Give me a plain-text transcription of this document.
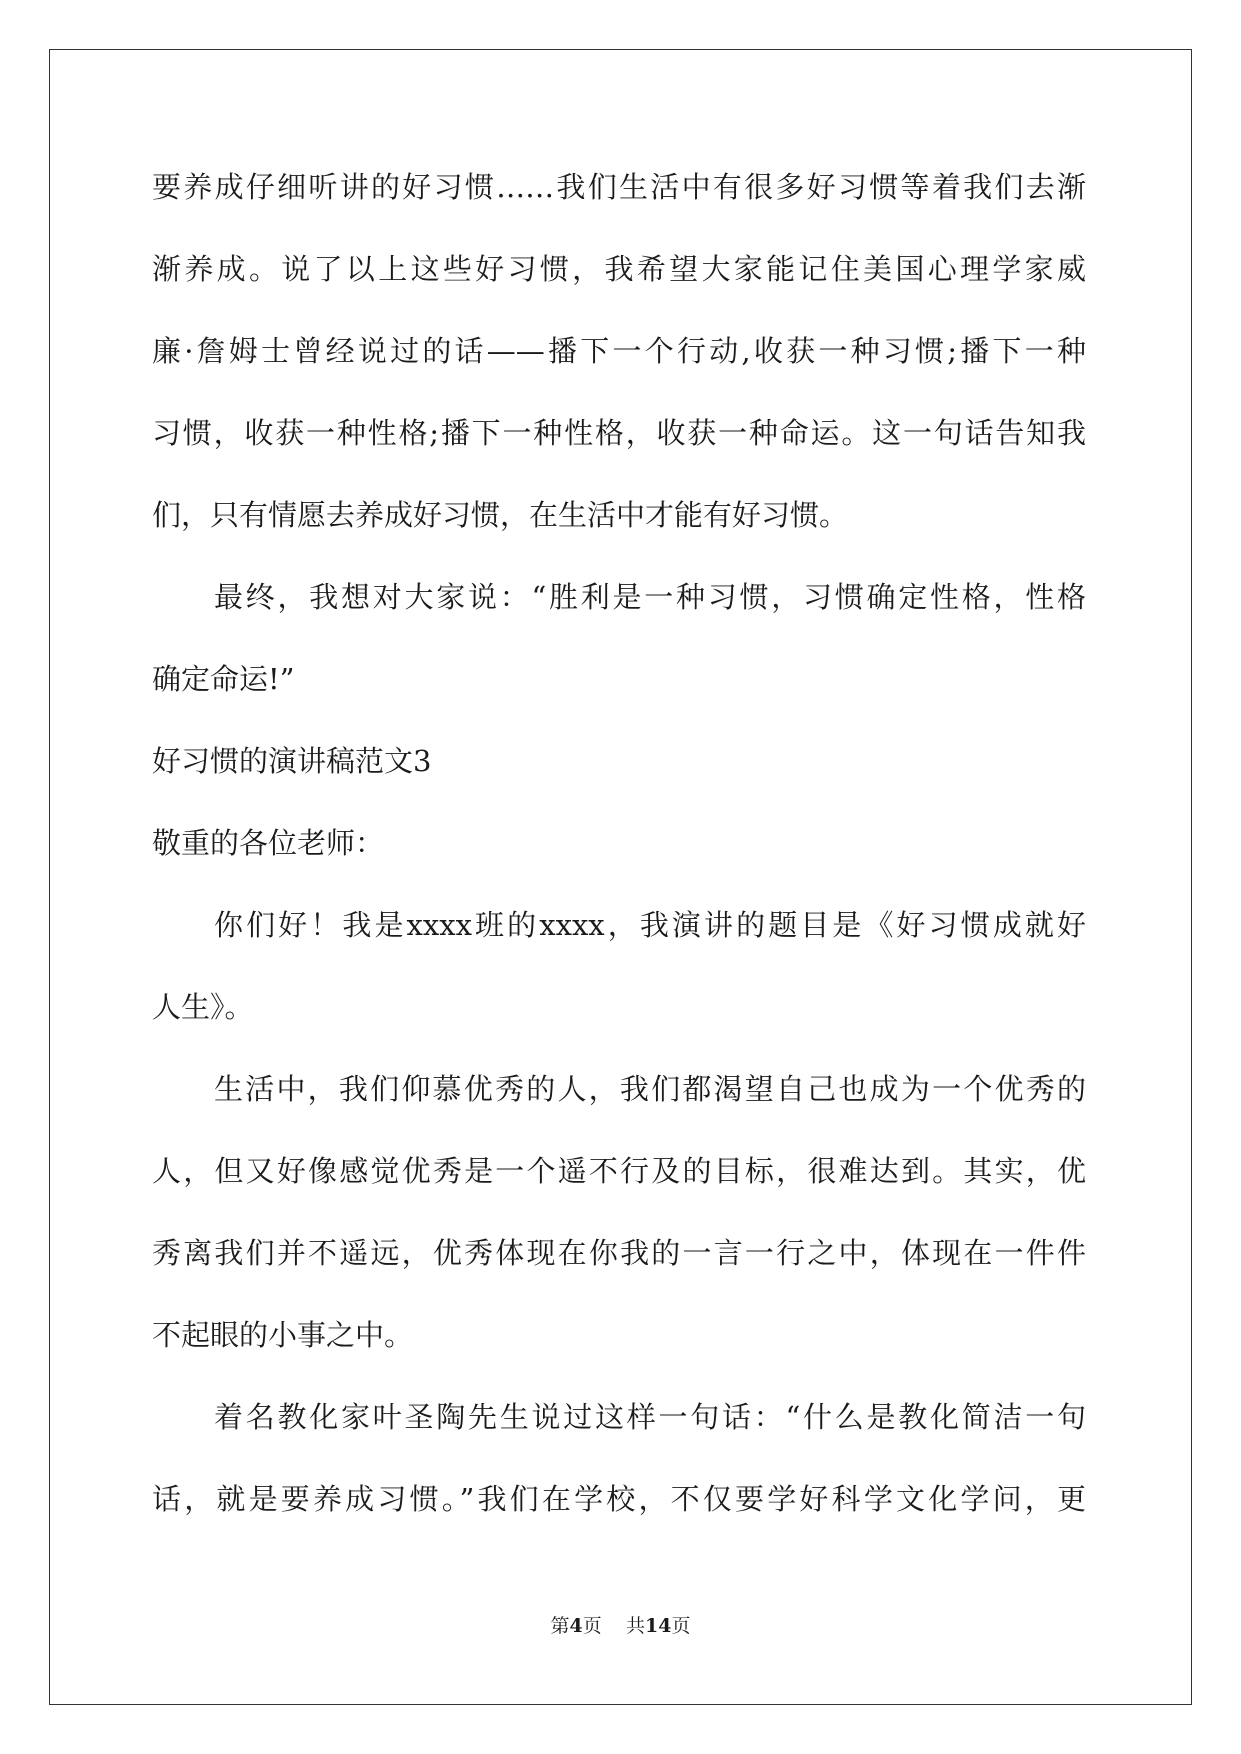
要养成仔细听讲的好习惯……我们生活中有很多好习惯等着我们去渐
渐养成。说了以上这些好习惯，我希望大家能记住美国心理学家威
廉·詹姆士曾经说过的话——播下一个行动,收获一种习惯;播下一种
习惯，收获一种性格;播下一种性格，收获一种命运。这一句话告知我
们，只有情愿去养成好习惯，在生活中才能有好习惯。
最终，我想对大家说：“胜利是一种习惯，习惯确定性格，性格
确定命运!”
好习惯的演讲稿范文3
敬重的各位老师：
你们好！我是xxxx班的xxxx，我演讲的题目是《好习惯成就好
人生》。
生活中，我们仰慕优秀的人，我们都渴望自己也成为一个优秀的
人，但又好像感觉优秀是一个遥不行及的目标，很难达到。其实，优
秀离我们并不遥远，优秀体现在你我的一言一行之中，体现在一件件
不起眼的小事之中。
着名教化家叶圣陶先生说过这样一句话：“什么是教化简洁一句
话，就是要养成习惯。”我们在学校，不仅要学好科学文化学问，更
第4页 共14页
